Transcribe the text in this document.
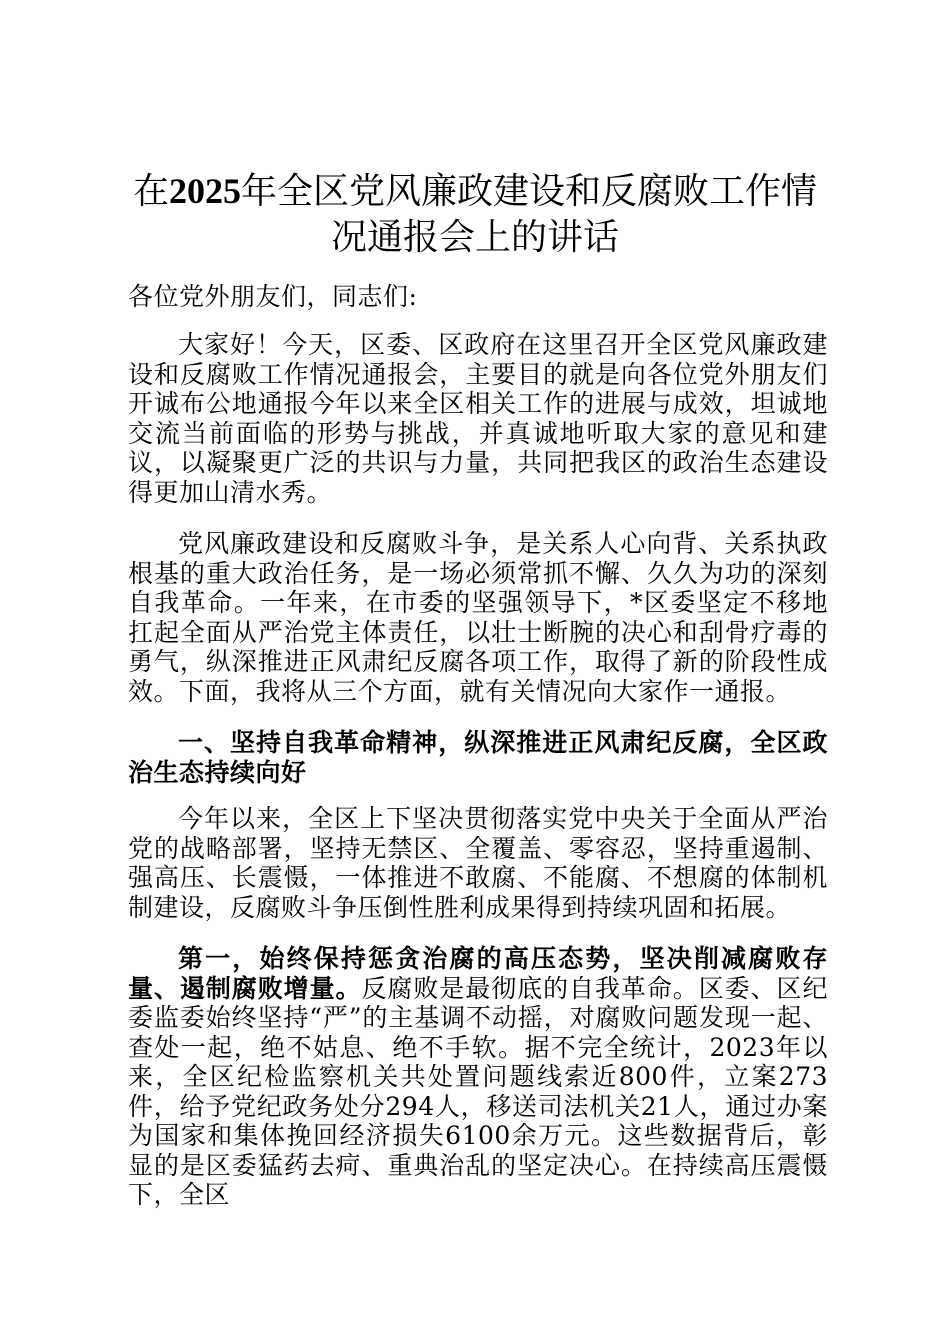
在2025年全区党风廉政建设和反腐败工作情
况通报会上的讲话

各位党外朋友们，同志们:

大家好！今天，区委、区政府在这里召开全区党风廉政建设和反腐败工作情况通报会，主要目的就是向各位党外朋友们开诚布公地通报今年以来全区相关工作的进展与成效，坦诚地交流当前面临的形势与挑战，并真诚地听取大家的意见和建议，以凝聚更广泛的共识与力量，共同把我区的政治生态建设得更加山清水秀。

党风廉政建设和反腐败斗争，是关系人心向背、关系执政根基的重大政治任务，是一场必须常抓不懈、久久为功的深刻自我革命。一年来，在市委的坚强领导下，*区委坚定不移地扛起全面从严治党主体责任，以壮士断腕的决心和刮骨疗毒的勇气，纵深推进正风肃纪反腐各项工作，取得了新的阶段性成效。下面，我将从三个方面，就有关情况向大家作一通报。

一、坚持自我革命精神，纵深推进正风肃纪反腐，全区政治生态持续向好

今年以来，全区上下坚决贯彻落实党中央关于全面从严治党的战略部署，坚持无禁区、全覆盖、零容忍，坚持重遏制、强高压、长震慑，一体推进不敢腐、不能腐、不想腐的体制机制建设，反腐败斗争压倒性胜利成果得到持续巩固和拓展。

第一，始终保持惩贪治腐的高压态势，坚决削减腐败存量、遏制腐败增量。反腐败是最彻底的自我革命。区委、区纪委监委始终坚持“严”的主基调不动摇，对腐败问题发现一起、查处一起，绝不姑息、绝不手软。据不完全统计，2023年以来，全区纪检监察机关共处置问题线索近800件，立案273件，给予党纪政务处分294人，移送司法机关21人，通过办案为国家和集体挽回经济损失6100余万元。这些数据背后，彰显的是区委猛药去疴、重典治乱的坚定决心。在持续高压震慑下，全区
